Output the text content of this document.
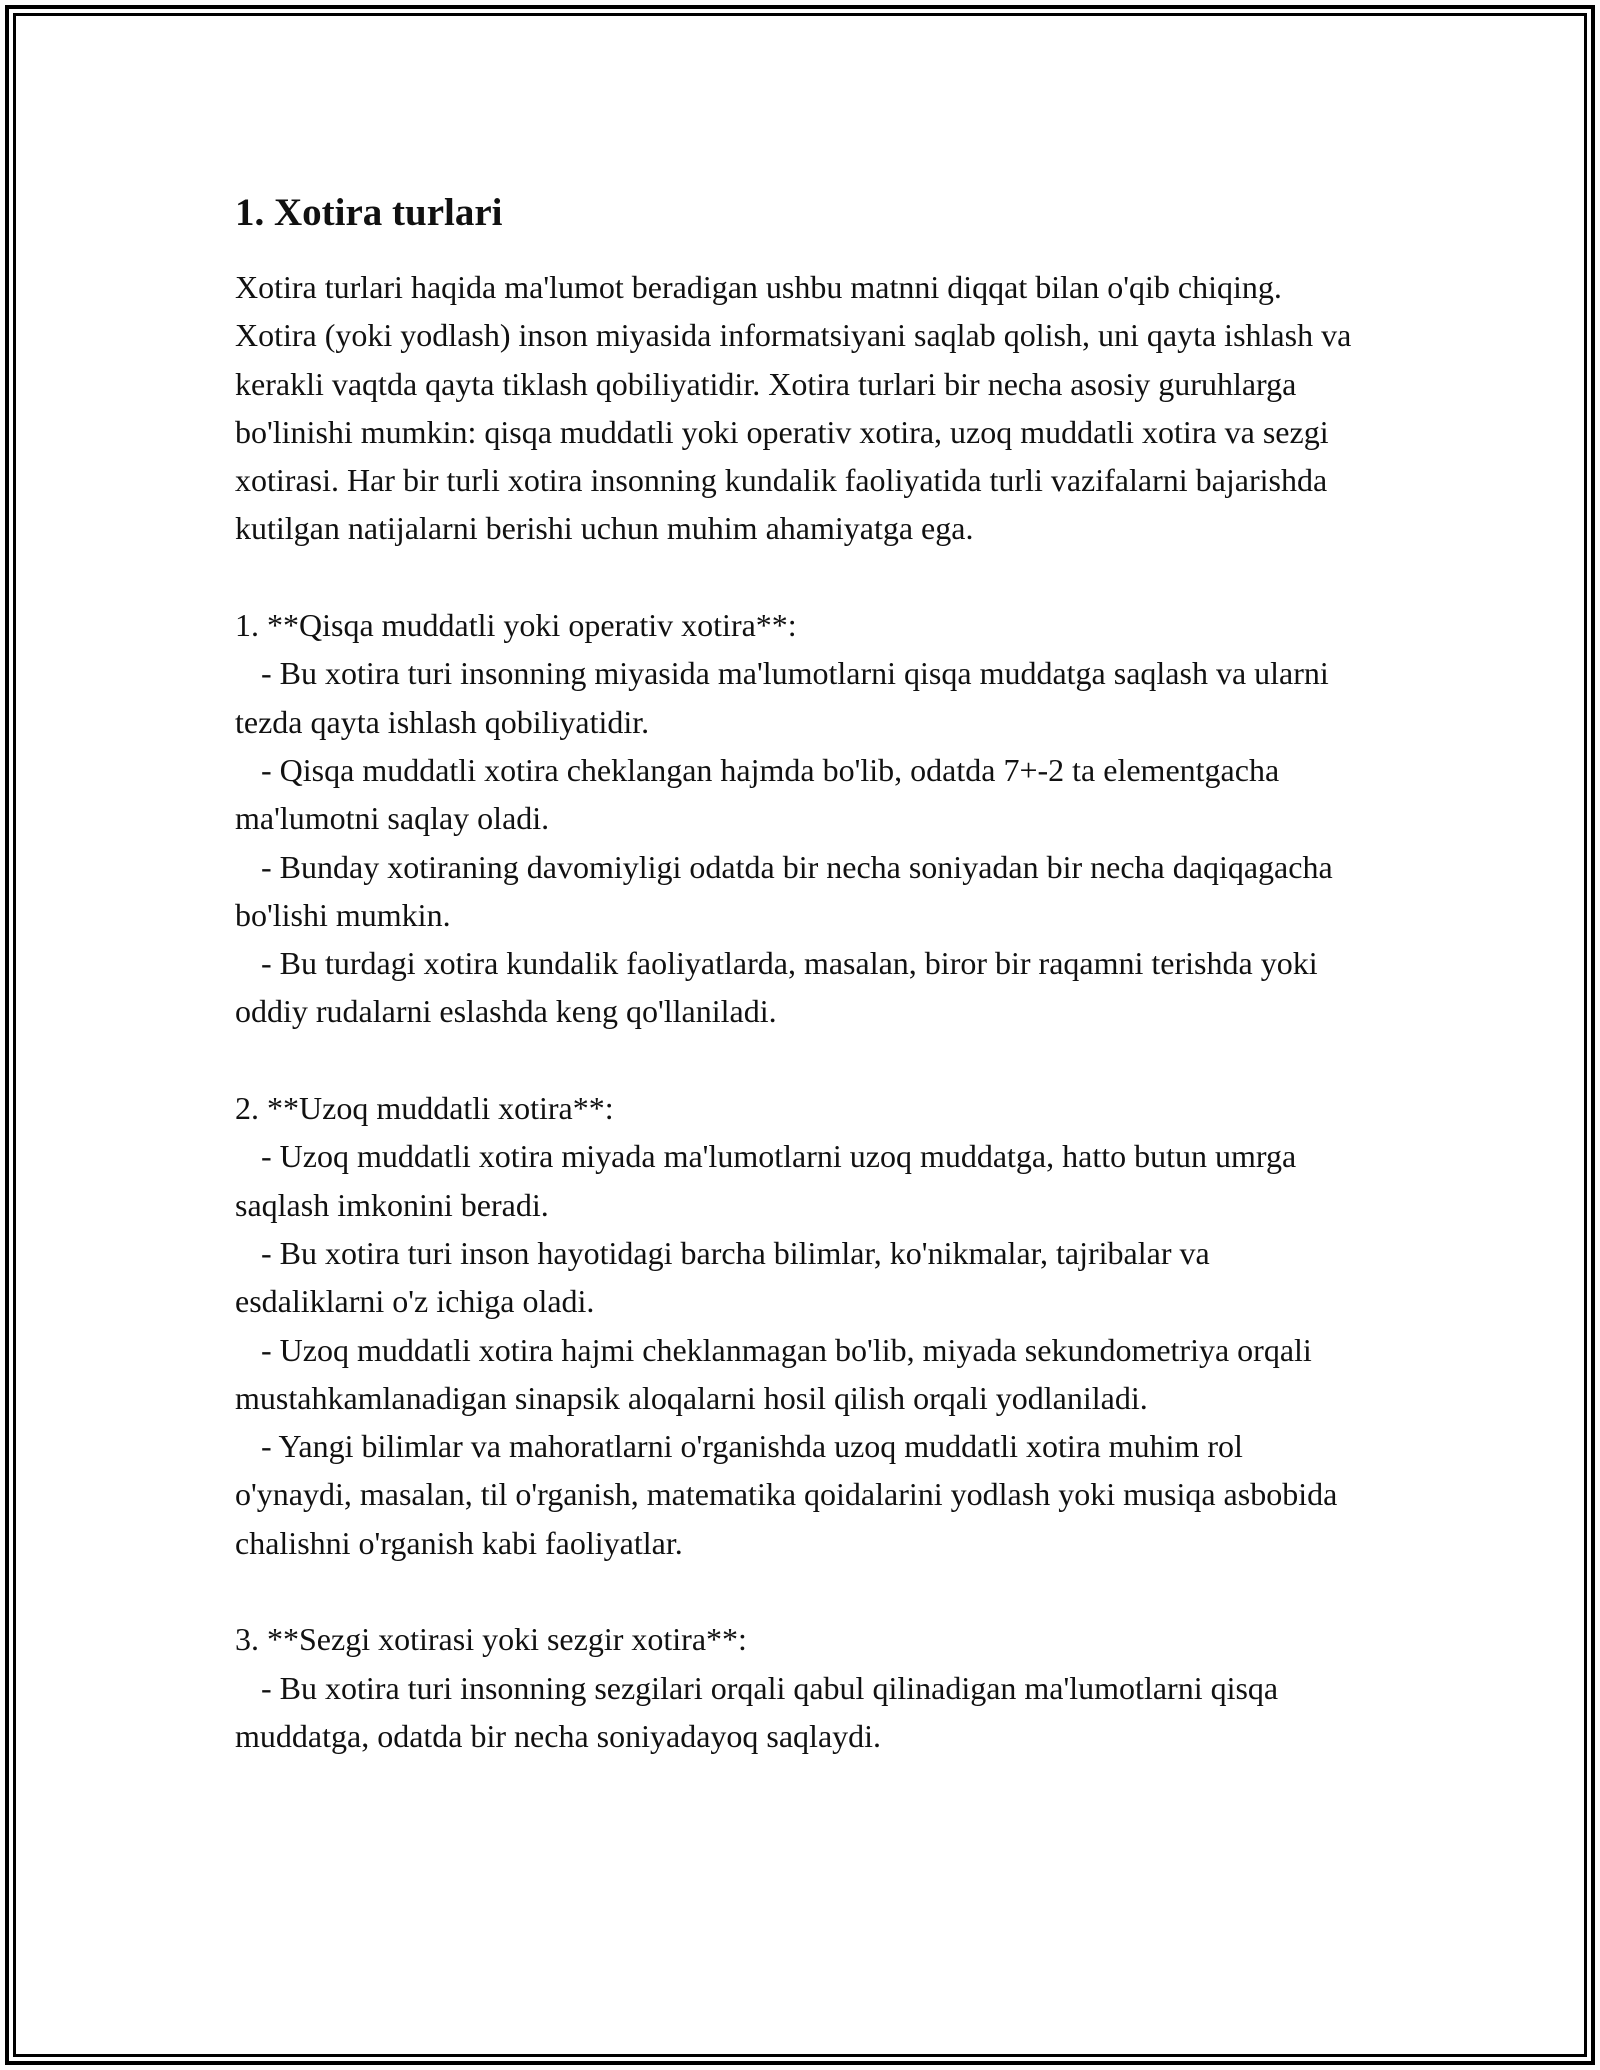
1. Xotira turlari

Xotira turlari haqida ma'lumot beradigan ushbu matnni diqqat bilan o'qib chiqing. Xotira (yoki yodlash) inson miyasida informatsiyani saqlab qolish, uni qayta ishlash va kerakli vaqtda qayta tiklash qobiliyatidir. Xotira turlari bir necha asosiy guruhlarga bo'linishi mumkin: qisqa muddatli yoki operativ xotira, uzoq muddatli xotira va sezgi xotirasi. Har bir turli xotira insonning kundalik faoliyatida turli vazifalarni bajarishda kutilgan natijalarni berishi uchun muhim ahamiyatga ega.

1. **Qisqa muddatli yoki operativ xotira**:
- Bu xotira turi insonning miyasida ma'lumotlarni qisqa muddatga saqlash va ularni tezda qayta ishlash qobiliyatidir.
- Qisqa muddatli xotira cheklangan hajmda bo'lib, odatda 7+-2 ta elementgacha ma'lumotni saqlay oladi.
- Bunday xotiraning davomiyligi odatda bir necha soniyadan bir necha daqiqagacha bo'lishi mumkin.
- Bu turdagi xotira kundalik faoliyatlarda, masalan, biror bir raqamni terishda yoki oddiy rudalarni eslashda keng qo'llaniladi.
2. **Uzoq muddatli xotira**:
- Uzoq muddatli xotira miyada ma'lumotlarni uzoq muddatga, hatto butun umrga saqlash imkonini beradi.
- Bu xotira turi inson hayotidagi barcha bilimlar, ko'nikmalar, tajribalar va esdaliklarni o'z ichiga oladi.
- Uzoq muddatli xotira hajmi cheklanmagan bo'lib, miyada sekundometriya orqali mustahkamlanadigan sinapsik aloqalarni hosil qilish orqali yodlaniladi.
- Yangi bilimlar va mahoratlarni o'rganishda uzoq muddatli xotira muhim rol o'ynaydi, masalan, til o'rganish, matematika qoidalarini yodlash yoki musiqa asbobida chalishni o'rganish kabi faoliyatlar.
3. **Sezgi xotirasi yoki sezgir xotira**:
- Bu xotira turi insonning sezgilari orqali qabul qilinadigan ma'lumotlarni qisqa muddatga, odatda bir necha soniyadayoq saqlaydi.
